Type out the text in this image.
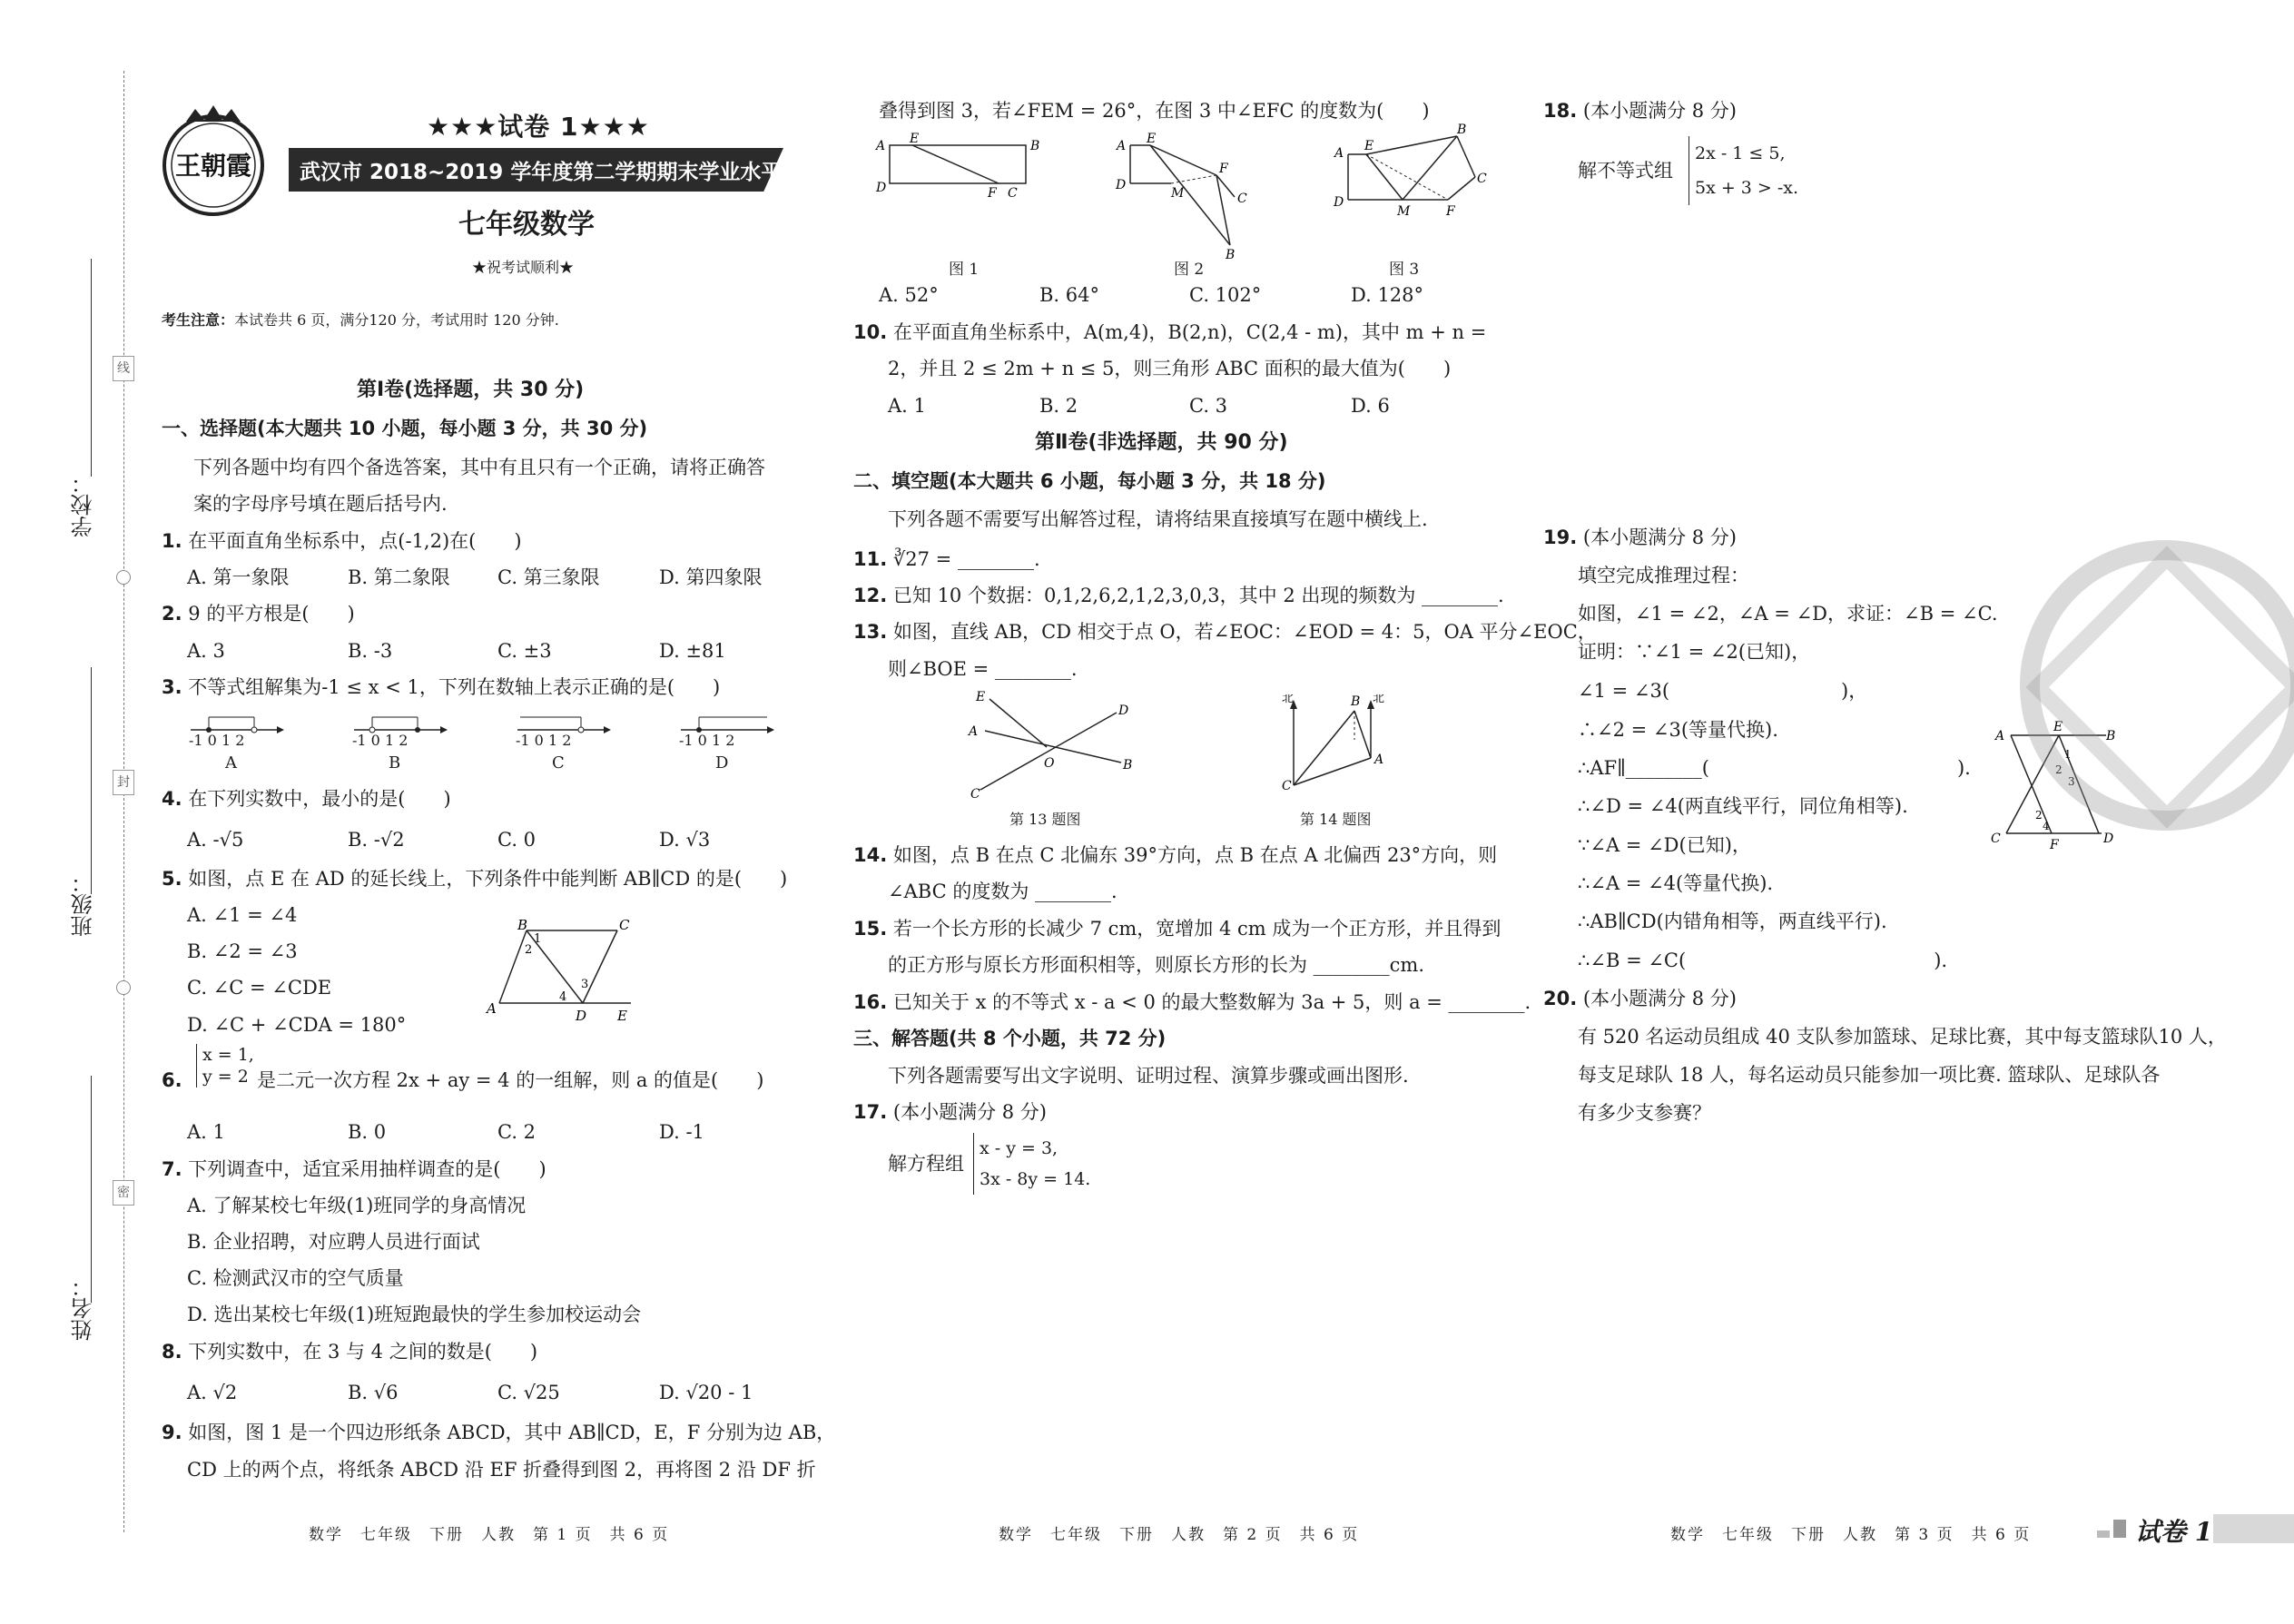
线
封
密
学校：
班级：
姓名：
王朝霞
★★★试卷 1★★★
武汉市 2018~2019 学年度第二学期期末学业水平测试试题卷
七年级数学
★祝考试顺利★
考生注意：本试卷共 6 页，满分120 分，考试用时 120 分钟.
第Ⅰ卷(选择题，共 30 分)
一、选择题(本大题共 10 小题，每小题 3 分，共 30 分)
下列各题中均有四个备选答案，其中有且只有一个正确，请将正确答
案的字母序号填在题后括号内.
1. 在平面直角坐标系中，点(-1,2)在(　　)
A. 第一象限	B. 第二象限 C. 第三象限	D. 第四象限
2. 9 的平方根是(　　)
A. 3	B. -3	C. ±3	D. ±81
3. 不等式组解集为-1 ≤ x < 1，下列在数轴上表示正确的是(　　)
-1 0 1 2	-1 0 1 2	-1 0 1 2	-1 0 1 2
A	B	C	D
4. 在下列实数中，最小的是(　　)
A. -√5	B. -√2	C. 0	D. √3
5. 如图，点 E 在 AD 的延长线上，下列条件中能判断 AB∥CD 的是(　　)
A. ∠1 = ∠4
B. ∠2 = ∠3
C. ∠C = ∠CDE
D. ∠C + ∠CDA = 180°
6.
x = 1,
y = 2 是二元一次方程 2x + ay = 4 的一组解，则 a 的值是(　　)
A. 1	B. 0	C. 2	D. -1
7. 下列调查中，适宜采用抽样调查的是(　　)
A. 了解某校七年级(1)班同学的身高情况
B. 企业招聘，对应聘人员进行面试
C. 检测武汉市的空气质量
D. 选出某校七年级(1)班短跑最快的学生参加校运动会
8. 下列实数中，在 3 与 4 之间的数是(　　)
A. √2	B. √6	C. √25	D. √20 - 1
9. 如图，图 1 是一个四边形纸条 ABCD，其中 AB∥CD，E，F 分别为边 AB，
CD 上的两个点，将纸条 ABCD 沿 EF 折叠得到图 2，再将图 2 沿 DF 折
B	C
A	D E
1
2
3
4
叠得到图 3，若∠FEM = 26°，在图 3 中∠EFC 的度数为(　　)
A E	B
D	F C
A E
D
M
F
C
B
A E
B
D
M	F
C
图 1	图 2	图 3
A. 52°	B. 64°	C. 102°	D. 128°
10. 在平面直角坐标系中，A(m,4)，B(2,n)，C(2,4 - m)，其中 m + n =
2，并且 2 ≤ 2m + n ≤ 5，则三角形 ABC 面积的最大值为(　　)
A. 1	B. 2	C. 3	D. 6
第Ⅱ卷(非选择题，共 90 分)
二、填空题(本大题共 6 小题，每小题 3 分，共 18 分)
下列各题不需要写出解答过程，请将结果直接填写在题中横线上.
11. ∛27 = ________.
12. 已知 10 个数据：0,1,2,6,2,1,2,3,0,3，其中 2 出现的频数为 ________.
13. 如图，直线 AB，CD 相交于点 O，若∠EOC：∠EOD = 4：5，OA 平分∠EOC，
则∠BOE = ________.
E
D
A
O	B
C
第 13 题图
北	北
B
C
A
第 14 题图
14. 如图，点 B 在点 C 北偏东 39°方向，点 B 在点 A 北偏西 23°方向，则
∠ABC 的度数为 ________.
15. 若一个长方形的长减少 7 cm，宽增加 4 cm 成为一个正方形，并且得到
的正方形与原长方形面积相等，则原长方形的长为 ________cm.
16. 已知关于 x 的不等式 x - a < 0 的最大整数解为 3a + 5，则 a = ________.
三、解答题(共 8 个小题，共 72 分)
下列各题需要写出文字说明、证明过程、演算步骤或画出图形.
17. (本小题满分 8 分)
解方程组
x - y = 3,
3x - 8y = 14.
18. (本小题满分 8 分)
解不等式组
2x - 1 ≤ 5,
5x + 3 > -x.
19. (本小题满分 8 分)
填空完成推理过程：
如图，∠1 = ∠2，∠A = ∠D，求证：∠B = ∠C.
证明：∵∠1 = ∠2(已知)，
∠1 = ∠3(　　　　　　　　　)，
∴∠2 = ∠3(等量代换).
∴AF∥________(　　　　　　　　　　　　　).
∴∠D = ∠4(两直线平行，同位角相等).
∵∠A = ∠D(已知)，
∴∠A = ∠4(等量代换).
∴AB∥CD(内错角相等，两直线平行).
∴∠B = ∠C(　　　　　　　　　　　　　).
20. (本小题满分 8 分)
有 520 名运动员组成 40 支队参加篮球、足球比赛，其中每支篮球队10 人，
每支足球队 18 人，每名运动员只能参加一项比赛. 篮球队、足球队各
有多少支参赛？
A
E
B
C	F	D
1
2
3
2
4
数学　七年级　下册　人教　第 1 页　共 6 页	数学　七年级　下册　人教　第 2 页　共 6 页	数学　七年级　下册　人教　第 3 页　共 6 页	试卷 1
